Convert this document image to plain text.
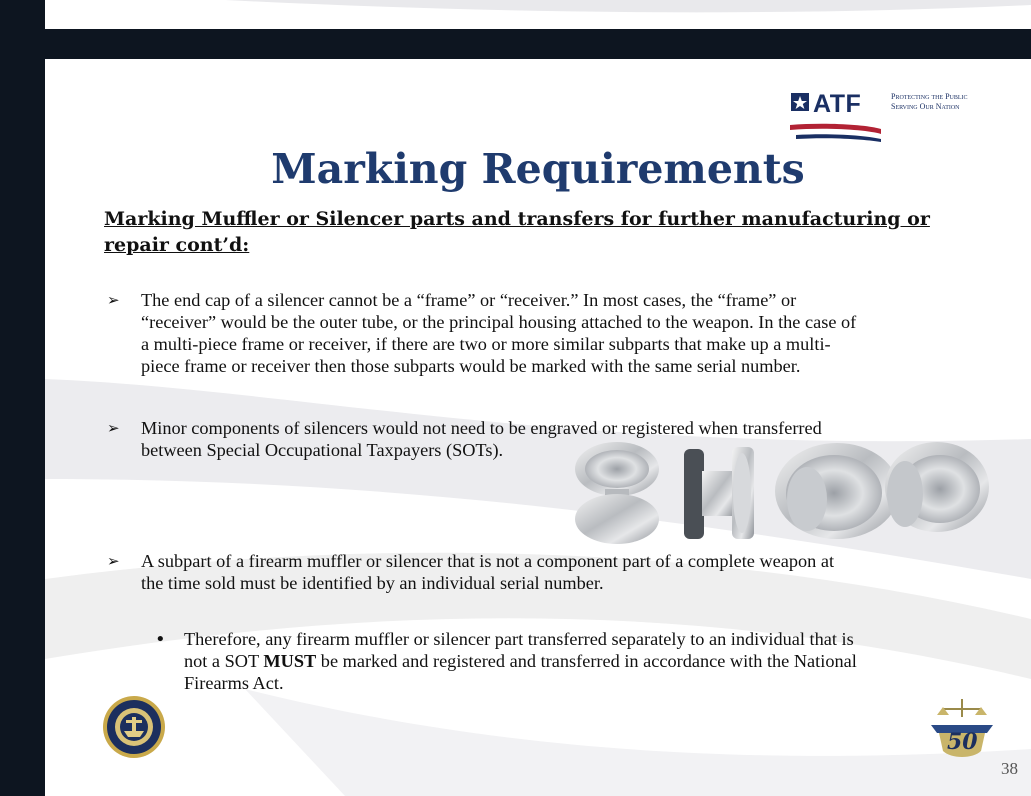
ATF	Protecting the Public
Serving Our Nation
Marking Requirements
Marking Muffler or Silencer parts and transfers for further manufacturing or repair cont’d:
➢ The end cap of a silencer cannot be a “frame” or “receiver.” In most cases, the “frame” or
“receiver” would be the outer tube, or the principal housing attached to the weapon. In the case of
a multi-piece frame or receiver, if there are two or more similar subparts that make up a multi-
piece frame or receiver then those subparts would be marked with the same serial number.
➢ Minor components of silencers would not need to be engraved or registered when transferred
between Special Occupational Taxpayers (SOTs).
➢ A subpart of a firearm muffler or silencer that is not a component part of a complete weapon at
the time sold must be identified by an individual serial number.
• Therefore, any firearm muffler or silencer part transferred separately to an individual that is
not a SOT MUST be marked and registered and transferred in accordance with the National
Firearms Act.
50
38
